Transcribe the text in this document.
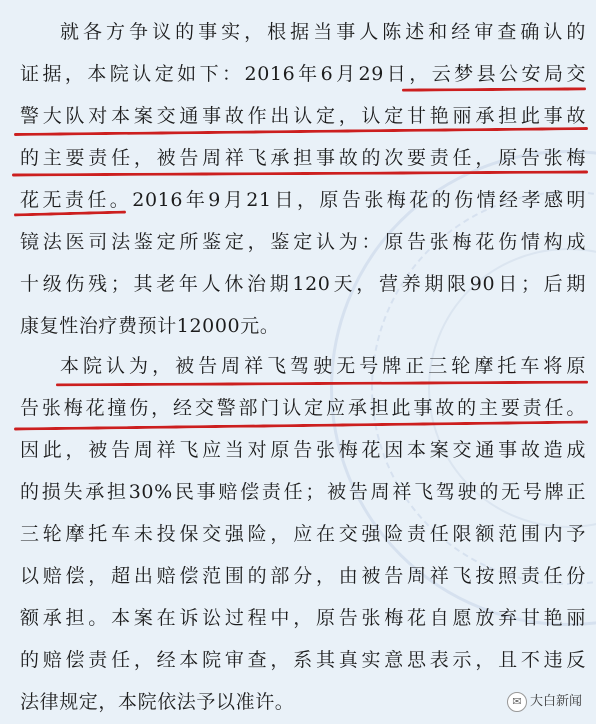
就各方争议的事实，根据当事人陈述和经审查确认的
证据，本院认定如下：2016年6月29日，云梦县公安局交
警大队对本案交通事故作出认定，认定甘艳丽承担此事故
的主要责任，被告周祥飞承担事故的次要责任，原告张梅
花无责任。2016年9月21日，原告张梅花的伤情经孝感明
镜法医司法鉴定所鉴定，鉴定认为：原告张梅花伤情构成
十级伤残；其老年人休治期120天，营养期限90日；后期
康复性治疗费预计12000元。
本院认为，被告周祥飞驾驶无号牌正三轮摩托车将原
告张梅花撞伤，经交警部门认定应承担此事故的主要责任。
因此，被告周祥飞应当对原告张梅花因本案交通事故造成
的损失承担30%民事赔偿责任；被告周祥飞驾驶的无号牌正
三轮摩托车未投保交强险，应在交强险责任限额范围内予
以赔偿，超出赔偿范围的部分，由被告周祥飞按照责任份
额承担。本案在诉讼过程中，原告张梅花自愿放弃甘艳丽
的赔偿责任，经本院审查，系其真实意思表示，且不违反
法律规定，本院依法予以准许。	✉ 大白新闻
